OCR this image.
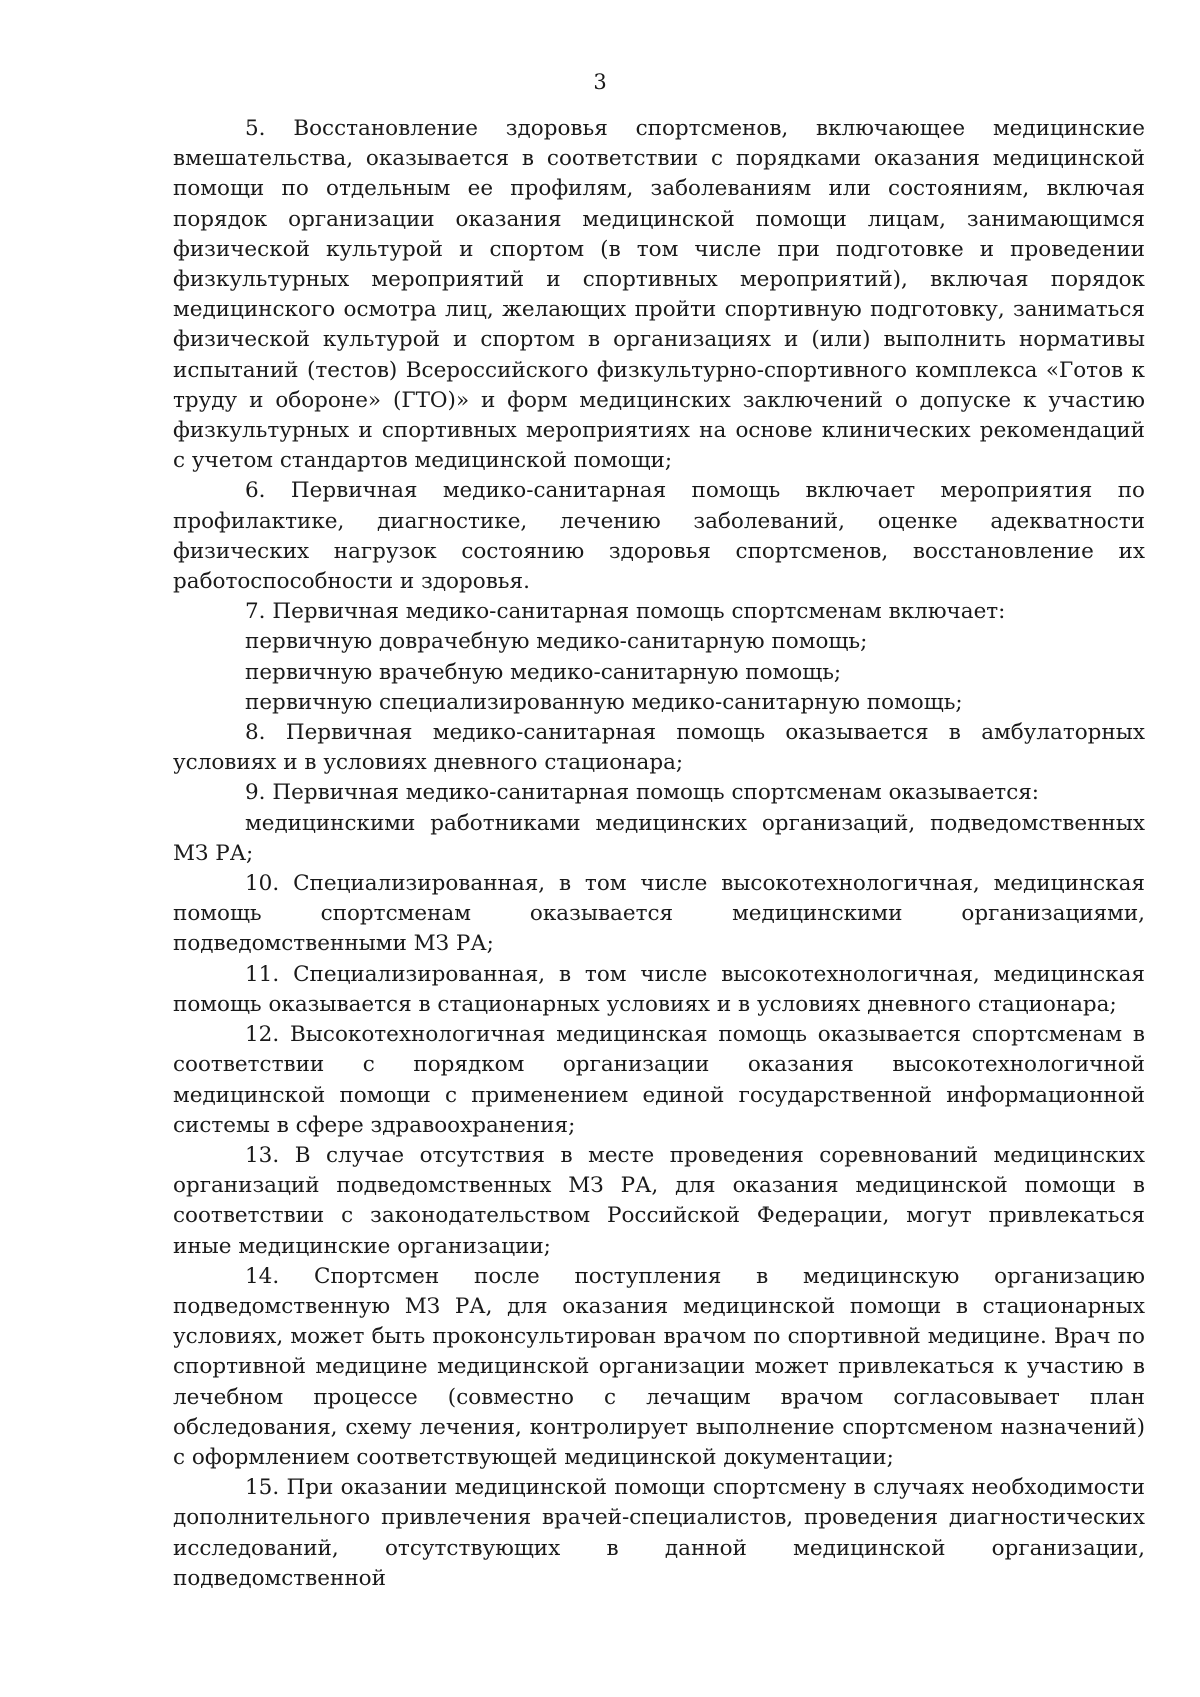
3

5. Восстановление здоровья спортсменов, включающее медицинские вмешательства, оказывается в соответствии с порядками оказания медицинской помощи по отдельным ее профилям, заболеваниям или состояниям, включая порядок организации оказания медицинской помощи лицам, занимающимся физической культурой и спортом (в том числе при подготовке и проведении физкультурных мероприятий и спортивных мероприятий), включая порядок медицинского осмотра лиц, желающих пройти спортивную подготовку, заниматься физической культурой и спортом в организациях и (или) выполнить нормативы испытаний (тестов) Всероссийского физкультурно-спортивного комплекса «Готов к труду и обороне» (ГТО)» и форм медицинских заключений о допуске к участию физкультурных и спортивных мероприятиях на основе клинических рекомендаций с учетом стандартов медицинской помощи;

6. Первичная медико-санитарная помощь включает мероприятия по профилактике, диагностике, лечению заболеваний, оценке адекватности физических нагрузок состоянию здоровья спортсменов, восстановление их работоспособности и здоровья.

7. Первичная медико-санитарная помощь спортсменам включает:

первичную доврачебную медико-санитарную помощь;

первичную врачебную медико-санитарную помощь;

первичную специализированную медико-санитарную помощь;

8. Первичная медико-санитарная помощь оказывается в амбулаторных условиях и в условиях дневного стационара;

9. Первичная медико-санитарная помощь спортсменам оказывается:

медицинскими работниками медицинских организаций, подведомственных МЗ РА;

10. Специализированная, в том числе высокотехнологичная, медицинская помощь спортсменам оказывается медицинскими организациями, подведомственными МЗ РА;

11. Специализированная, в том числе высокотехнологичная, медицинская помощь оказывается в стационарных условиях и в условиях дневного стационара;

12. Высокотехнологичная медицинская помощь оказывается спортсменам в соответствии с порядком организации оказания высокотехнологичной медицинской помощи с применением единой государственной информационной системы в сфере здравоохранения;

13. В случае отсутствия в месте проведения соревнований медицинских организаций подведомственных МЗ РА, для оказания медицинской помощи в соответствии с законодательством Российской Федерации, могут привлекаться иные медицинские организации;

14. Спортсмен после поступления в медицинскую организацию подведомственную МЗ РА, для оказания медицинской помощи в стационарных условиях, может быть проконсультирован врачом по спортивной медицине. Врач по спортивной медицине медицинской организации может привлекаться к участию в лечебном процессе (совместно с лечащим врачом согласовывает план обследования, схему лечения, контролирует выполнение спортсменом назначений) с оформлением соответствующей медицинской документации;

15. При оказании медицинской помощи спортсмену в случаях необходимости дополнительного привлечения врачей-специалистов, проведения диагностических исследований, отсутствующих в данной медицинской организации, подведомственной
